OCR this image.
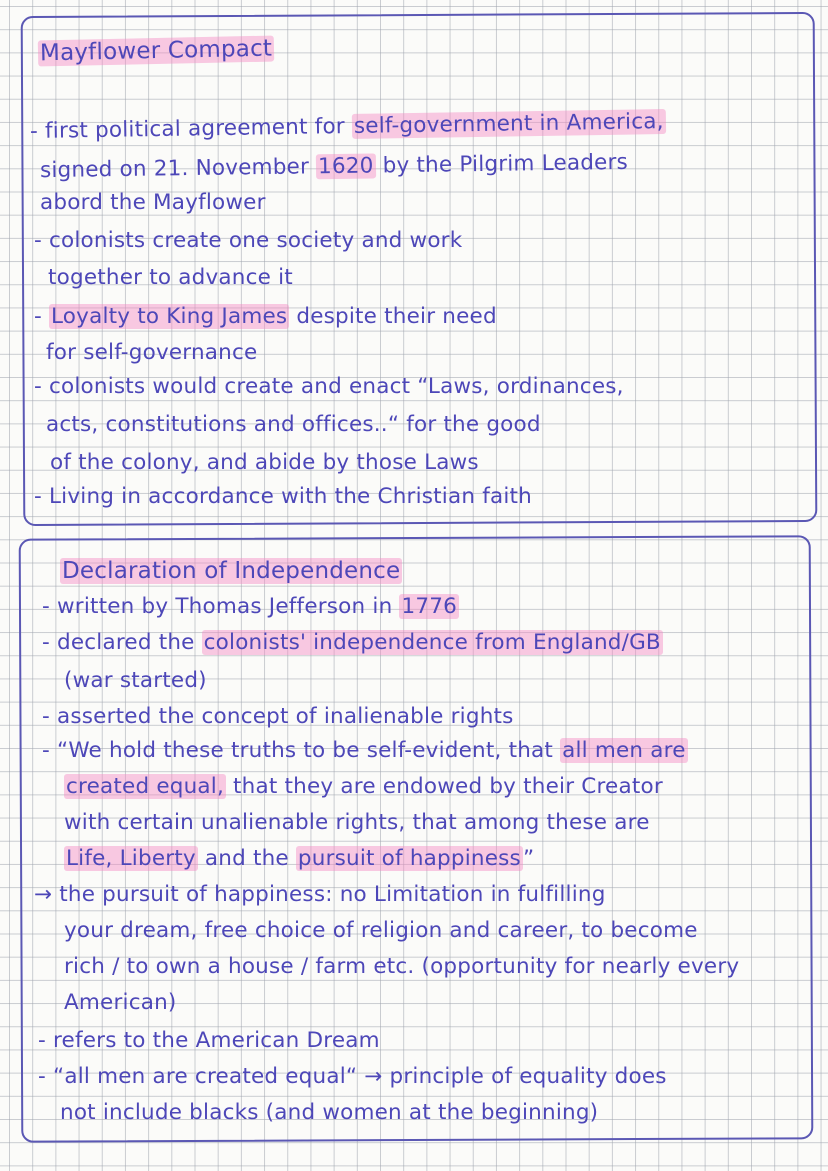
Mayflower Compact
- first political agreement for self-government in America,
signed on 21. November 1620 by the Pilgrim Leaders
abord the Mayflower
- colonists create one society and work
together to advance it
- Loyalty to King James despite their need
for self-governance
- colonists would create and enact “Laws, ordinances,
acts, constitutions and offices..“ for the good
of the colony, and abide by those Laws
- Living in accordance with the Christian faith
Declaration of Independence
- written by Thomas Jefferson in 1776
- declared the colonists' independence from England/GB
(war started)
- asserted the concept of inalienable rights
- “We hold these truths to be self-evident, that all men are
created equal, that they are endowed by their Creator
with certain unalienable rights, that among these are
Life, Liberty and the pursuit of happiness”
→ the pursuit of happiness: no Limitation in fulfilling
your dream, free choice of religion and career, to become
rich / to own a house / farm etc. (opportunity for nearly every
American)
- refers to the American Dream
- “all men are created equal“ → principle of equality does
not include blacks (and women at the beginning)
